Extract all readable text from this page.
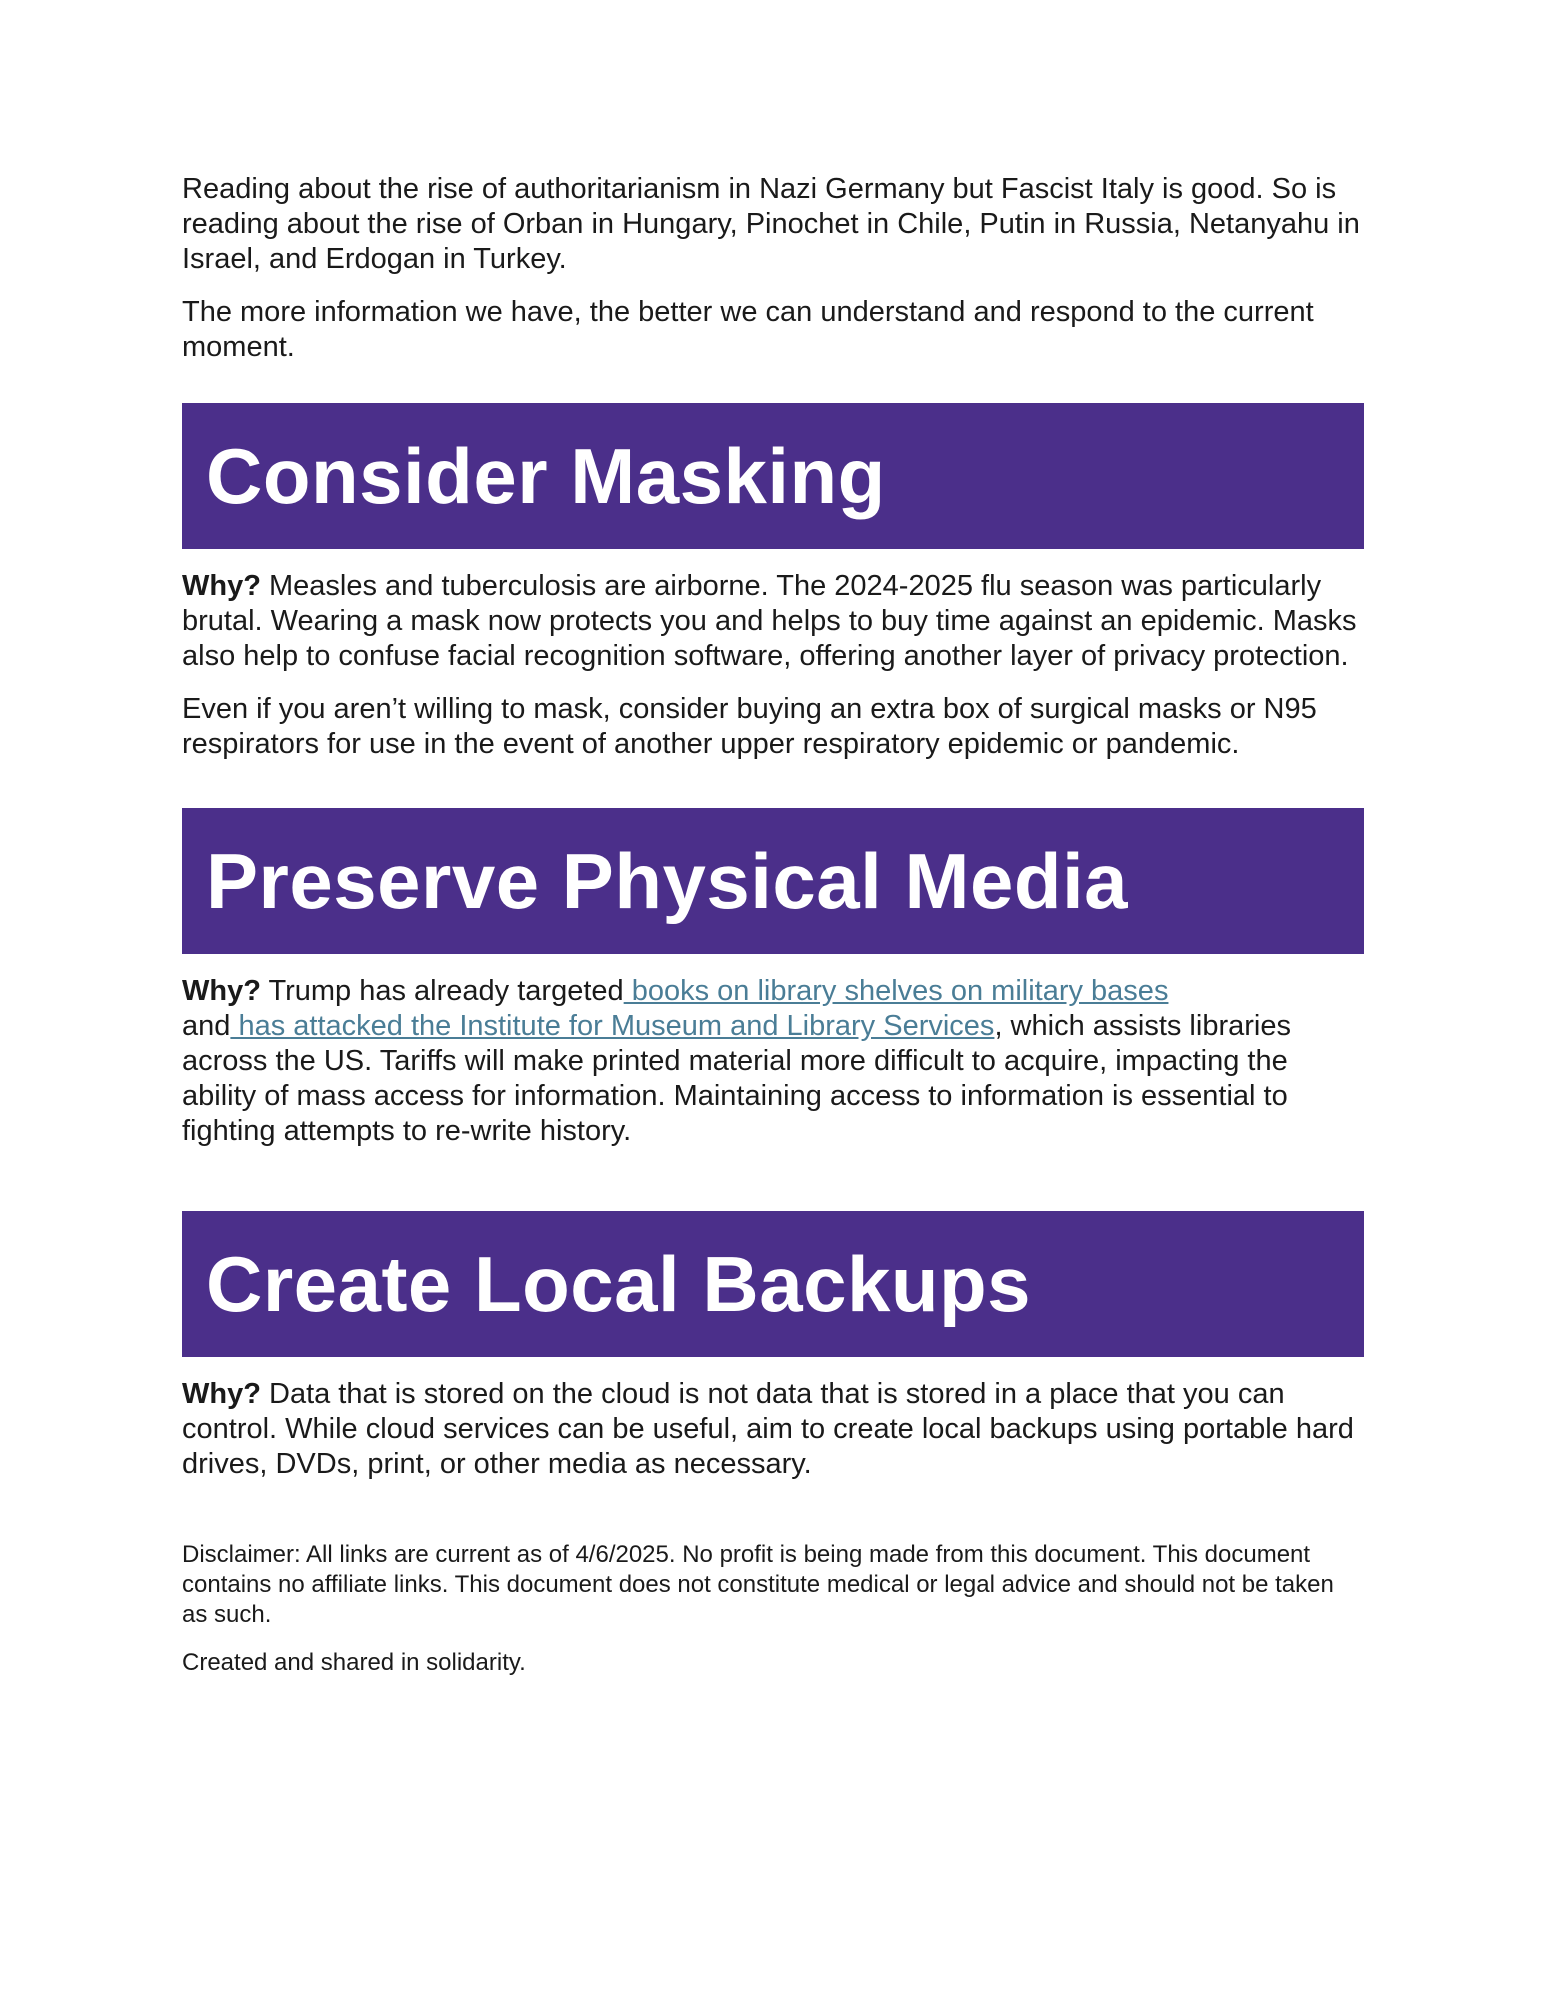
Reading about the rise of authoritarianism in Nazi Germany but Fascist Italy is good. So is reading about the rise of Orban in Hungary, Pinochet in Chile, Putin in Russia, Netanyahu in Israel, and Erdogan in Turkey.

The more information we have, the better we can understand and respond to the current moment.

Consider Masking

Why? Measles and tuberculosis are airborne. The 2024-2025 flu season was particularly brutal. Wearing a mask now protects you and helps to buy time against an epidemic. Masks also help to confuse facial recognition software, offering another layer of privacy protection.

Even if you aren’t willing to mask, consider buying an extra box of surgical masks or N95 respirators for use in the event of another upper respiratory epidemic or pandemic.

Preserve Physical Media

Why? Trump has already targeted books on library shelves on military bases
and has attacked the Institute for Museum and Library Services, which assists libraries across the US. Tariffs will make printed material more difficult to acquire, impacting the ability of mass access for information. Maintaining access to information is essential to fighting attempts to re-write history.

Create Local Backups

Why? Data that is stored on the cloud is not data that is stored in a place that you can control. While cloud services can be useful, aim to create local backups using portable hard drives, DVDs, print, or other media as necessary.

Disclaimer: All links are current as of 4/6/2025. No profit is being made from this document. This document contains no affiliate links. This document does not constitute medical or legal advice and should not be taken as such.

Created and shared in solidarity.
